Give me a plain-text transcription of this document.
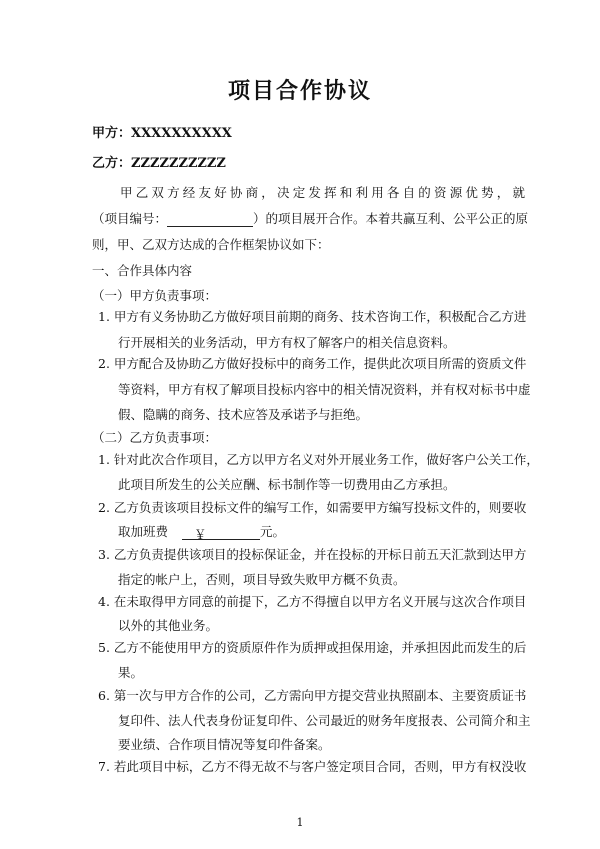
项目合作协议
甲方：XXXXXXXXXX
乙方：ZZZZZZZZZZ
甲乙双方经友好协商，决定发挥和利用各自的资源优势，就
（项目编号：	）的项目展开合作。本着共赢互利、公平公正的原
则，甲、乙双方达成的合作框架协议如下：
一、合作具体内容
（一）甲方负责事项：
1. 甲方有义务协助乙方做好项目前期的商务、技术咨询工作，积极配合乙方进
行开展相关的业务活动，甲方有权了解客户的相关信息资料。
2. 甲方配合及协助乙方做好投标中的商务工作，提供此次项目所需的资质文件
等资料，甲方有权了解项目投标内容中的相关情况资料，并有权对标书中虚
假、隐瞒的商务、技术应答及承诺予与拒绝。
（二）乙方负责事项：
1. 针对此次合作项目，乙方以甲方名义对外开展业务工作，做好客户公关工作，
此项目所发生的公关应酬、标书制作等一切费用由乙方承担。
2. 乙方负责该项目投标文件的编写工作，如需要甲方编写投标文件的，则要收
取加班费 ￥	元。
3. 乙方负责提供该项目的投标保证金，并在投标的开标日前五天汇款到达甲方
指定的帐户上，否则，项目导致失败甲方概不负责。
4. 在未取得甲方同意的前提下，乙方不得擅自以甲方名义开展与这次合作项目
以外的其他业务。
5. 乙方不能使用甲方的资质原件作为质押或担保用途，并承担因此而发生的后
果。
6. 第一次与甲方合作的公司，乙方需向甲方提交营业执照副本、主要资质证书
复印件、法人代表身份证复印件、公司最近的财务年度报表、公司简介和主
要业绩、合作项目情况等复印件备案。
7. 若此项目中标，乙方不得无故不与客户签定项目合同，否则，甲方有权没收
1
